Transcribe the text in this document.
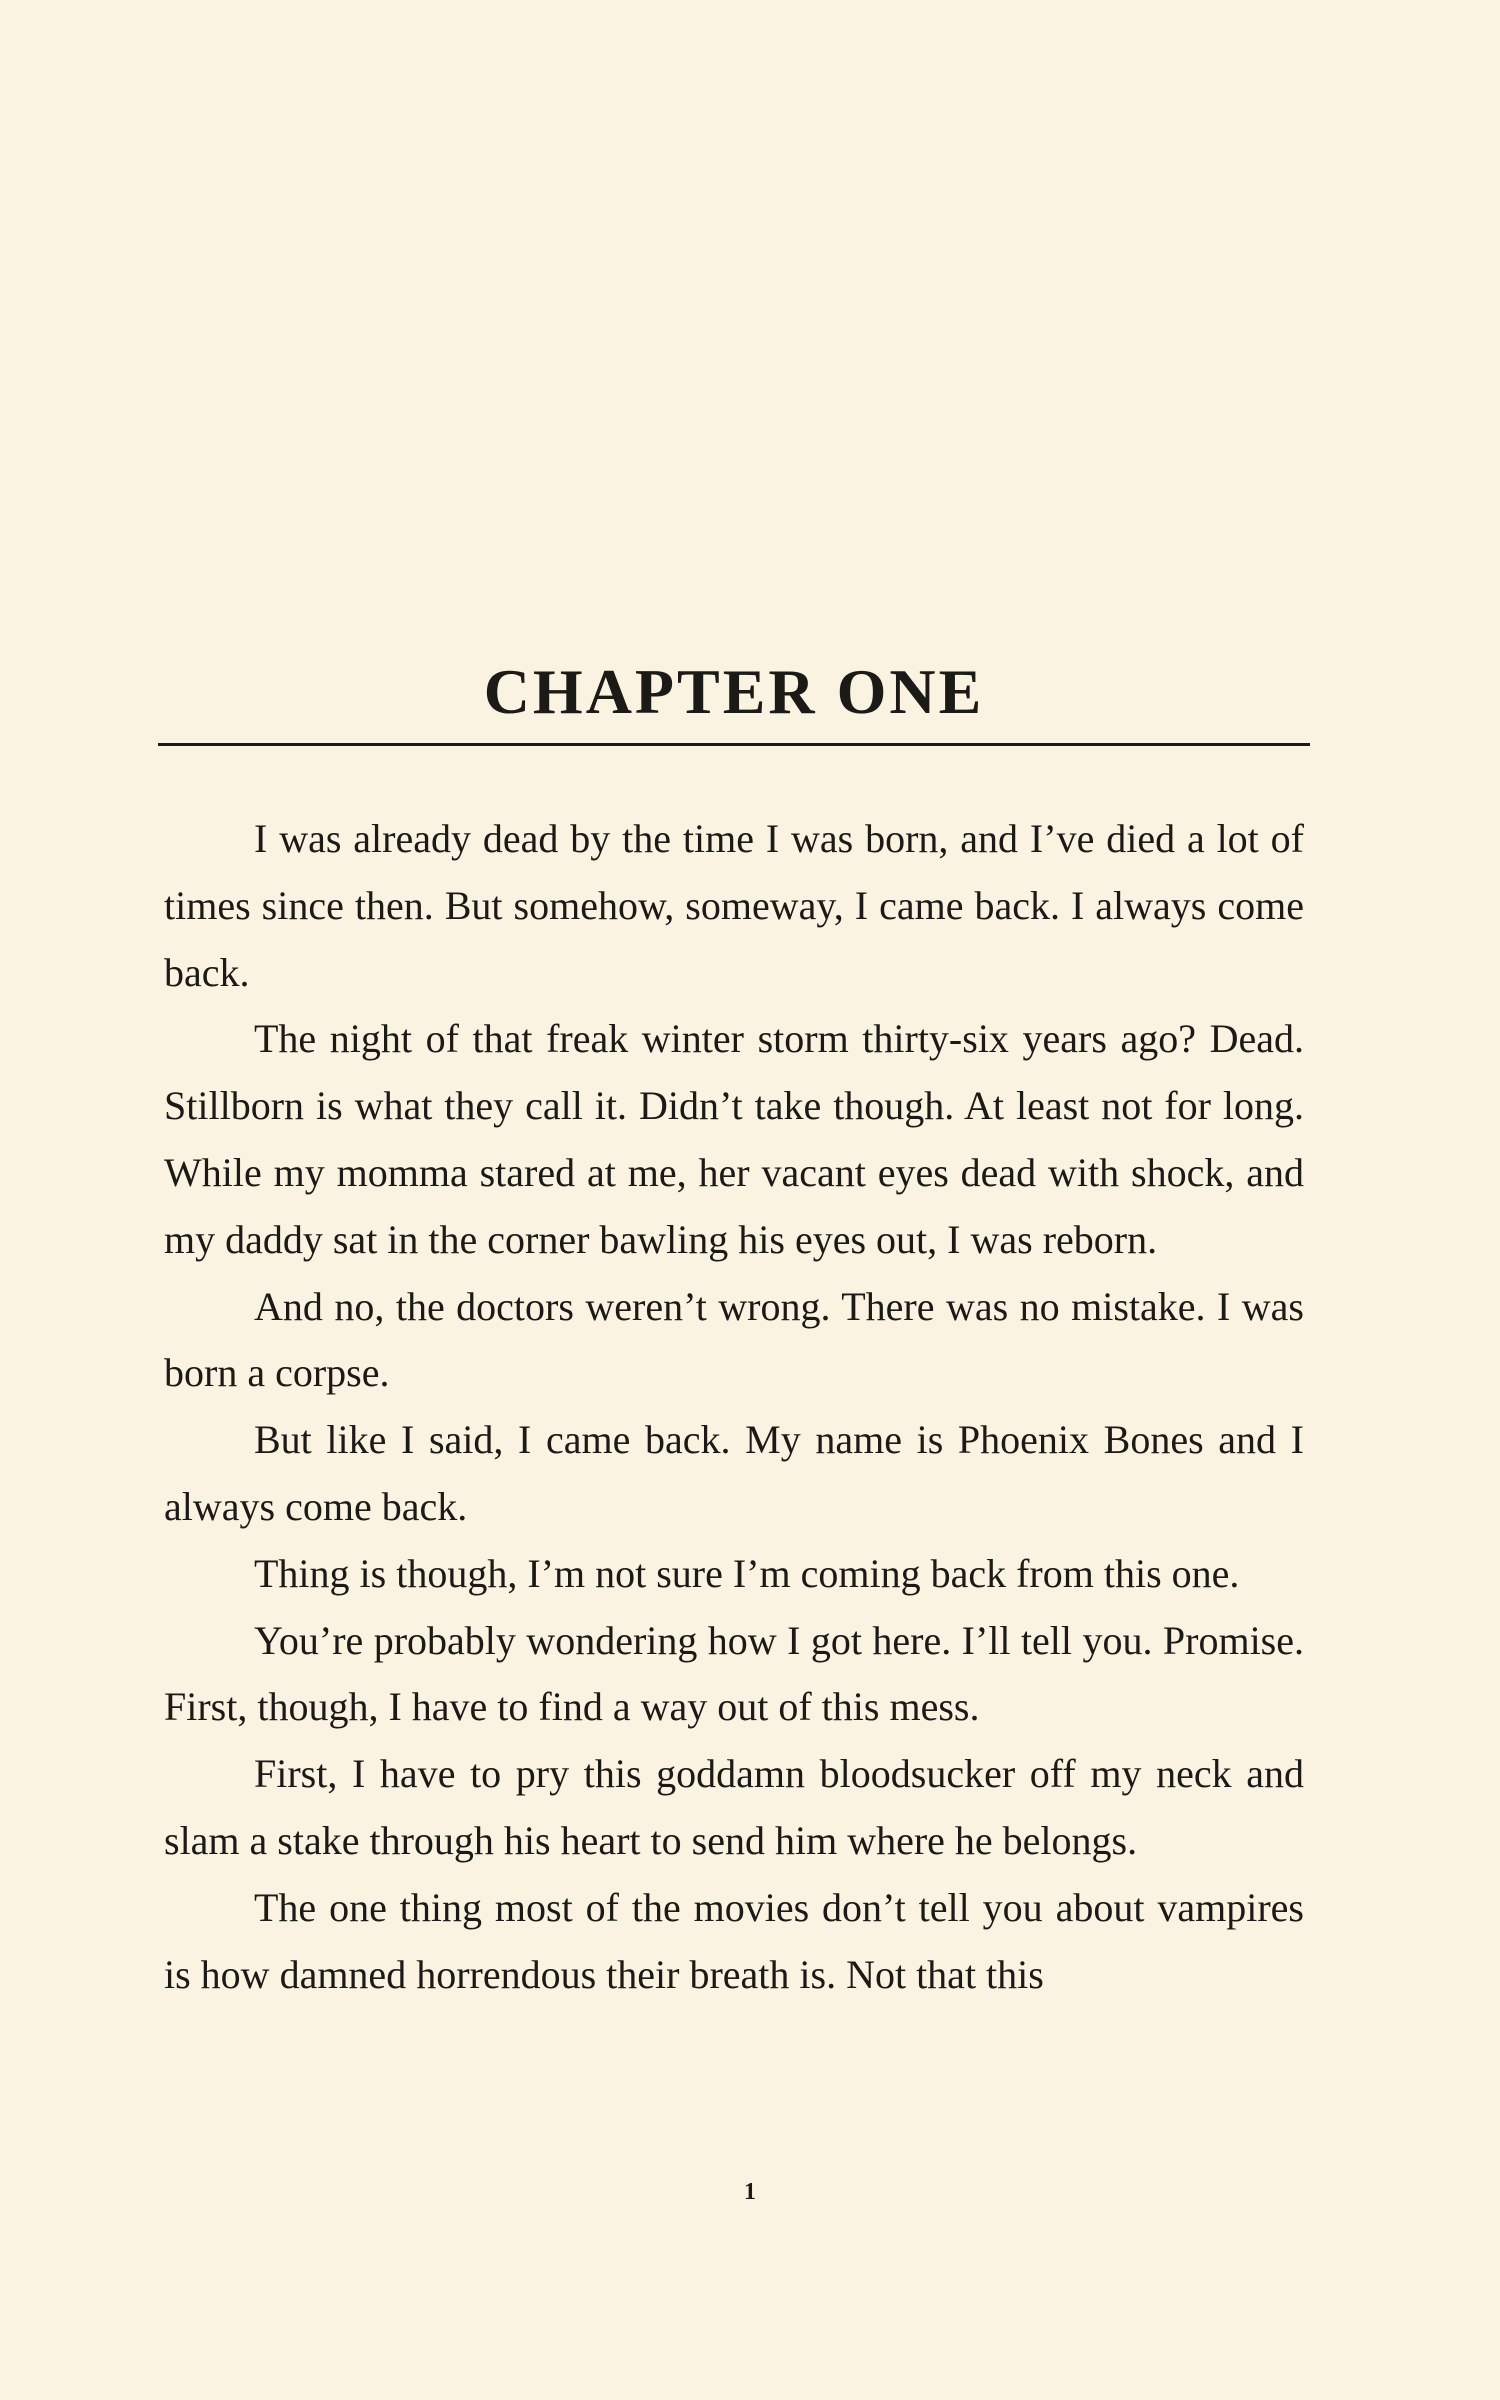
CHAPTER ONE

I was already dead by the time I was born, and I’ve died a lot of times since then. But somehow, someway, I came back. I always come back.

The night of that freak winter storm thirty-six years ago? Dead. Stillborn is what they call it. Didn’t take though. At least not for long. While my momma stared at me, her vacant eyes dead with shock, and my daddy sat in the corner bawling his eyes out, I was reborn.

And no, the doctors weren’t wrong. There was no mistake. I was born a corpse.

But like I said, I came back. My name is Phoenix Bones and I always come back.

Thing is though, I’m not sure I’m coming back from this one.

You’re probably wondering how I got here. I’ll tell you. Promise. First, though, I have to find a way out of this mess.

First, I have to pry this goddamn bloodsucker off my neck and slam a stake through his heart to send him where he belongs.

The one thing most of the movies don’t tell you about vampires is how damned horrendous their breath is. Not that this

1
